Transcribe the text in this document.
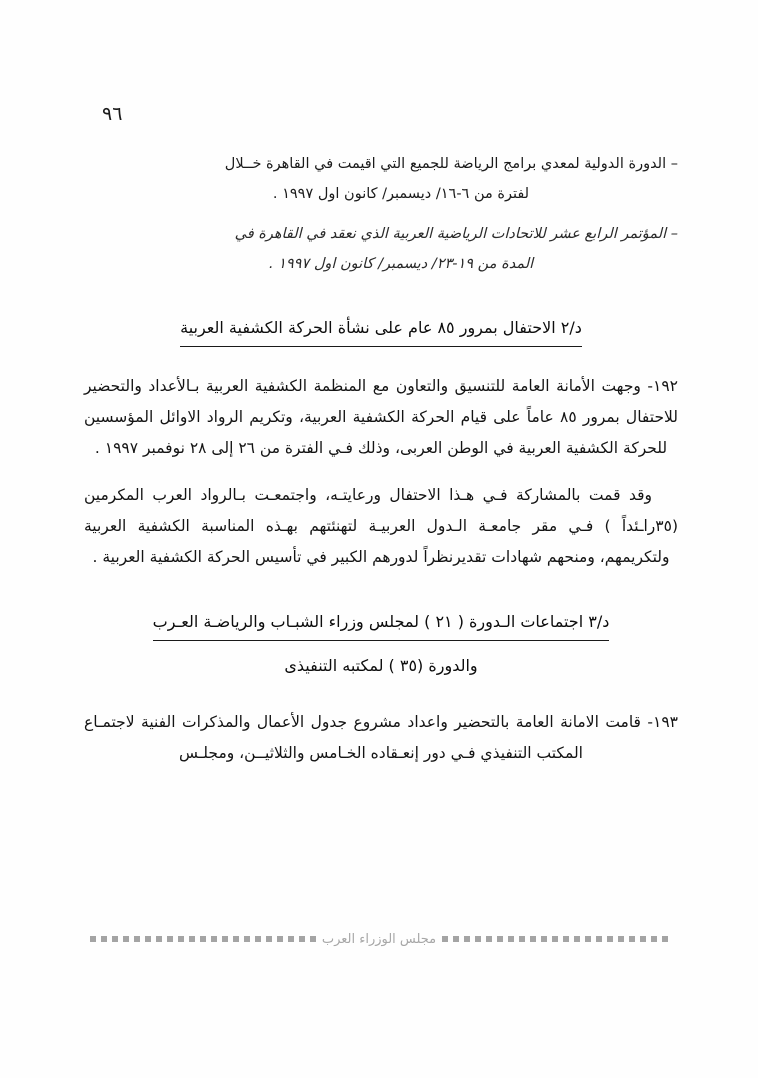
٩٦
– الدورة الدولية لمعدي برامج الرياضة للجميع التي اقيمت في القاهرة خــلال
لفترة من ٦-١٦/ ديسمبر/ كانون اول ١٩٩٧ .
– المؤتمر الرابع عشر للاتحادات الرياضية العربية الذي نعقد في القاهرة في
المدة من ١٩-٢٣/ ديسمبر/ كانون اول ١٩٩٧ .
د/٢ الاحتفال بمرور ٨٥ عام على نشأة الحركة الكشفية العربية

١٩٢- وجهت الأمانة العامة للتنسيق والتعاون مع المنظمة الكشفية العربية بـالأعداد والتحضير للاحتفال بمرور ٨٥ عاماً على قيام الحركة الكشفية العربية، وتكريم الرواد الاوائل المؤسسين للحركة الكشفية العربية في الوطن العربى، وذلك فـي الفترة من ٢٦ إلى ٢٨ نوفمبر ١٩٩٧ .

وقد قمت بالمشاركة فـي هـذا الاحتفال ورعايتـه، واجتمعـت بـالرواد العرب المكرمين (٣٥راـئداً ) فـي مقر جامعـة الـدول العربيـة لتهنئتهم بهـذه المناسبة الكشفية العربية ولتكريمهم، ومنحهم شهادات تقديرنظراً لدورهم الكبير في تأسيس الحركة الكشفية العربية .

د/٣ اجتماعات الـدورة ( ٢١ ) لمجلس وزراء الشبـاب والرياضـة العـرب
والدورة (٣٥ ) لمكتبه التنفيذى

١٩٣- قامت الامانة العامة بالتحضير واعداد مشروع جدول الأعمال والمذكرات الفنية لاجتمـاع المكتب التنفيذي فـي دور إنعـقاده الخـامس والثلاثيــن، ومجلـس

مجلس الوزراء العرب
